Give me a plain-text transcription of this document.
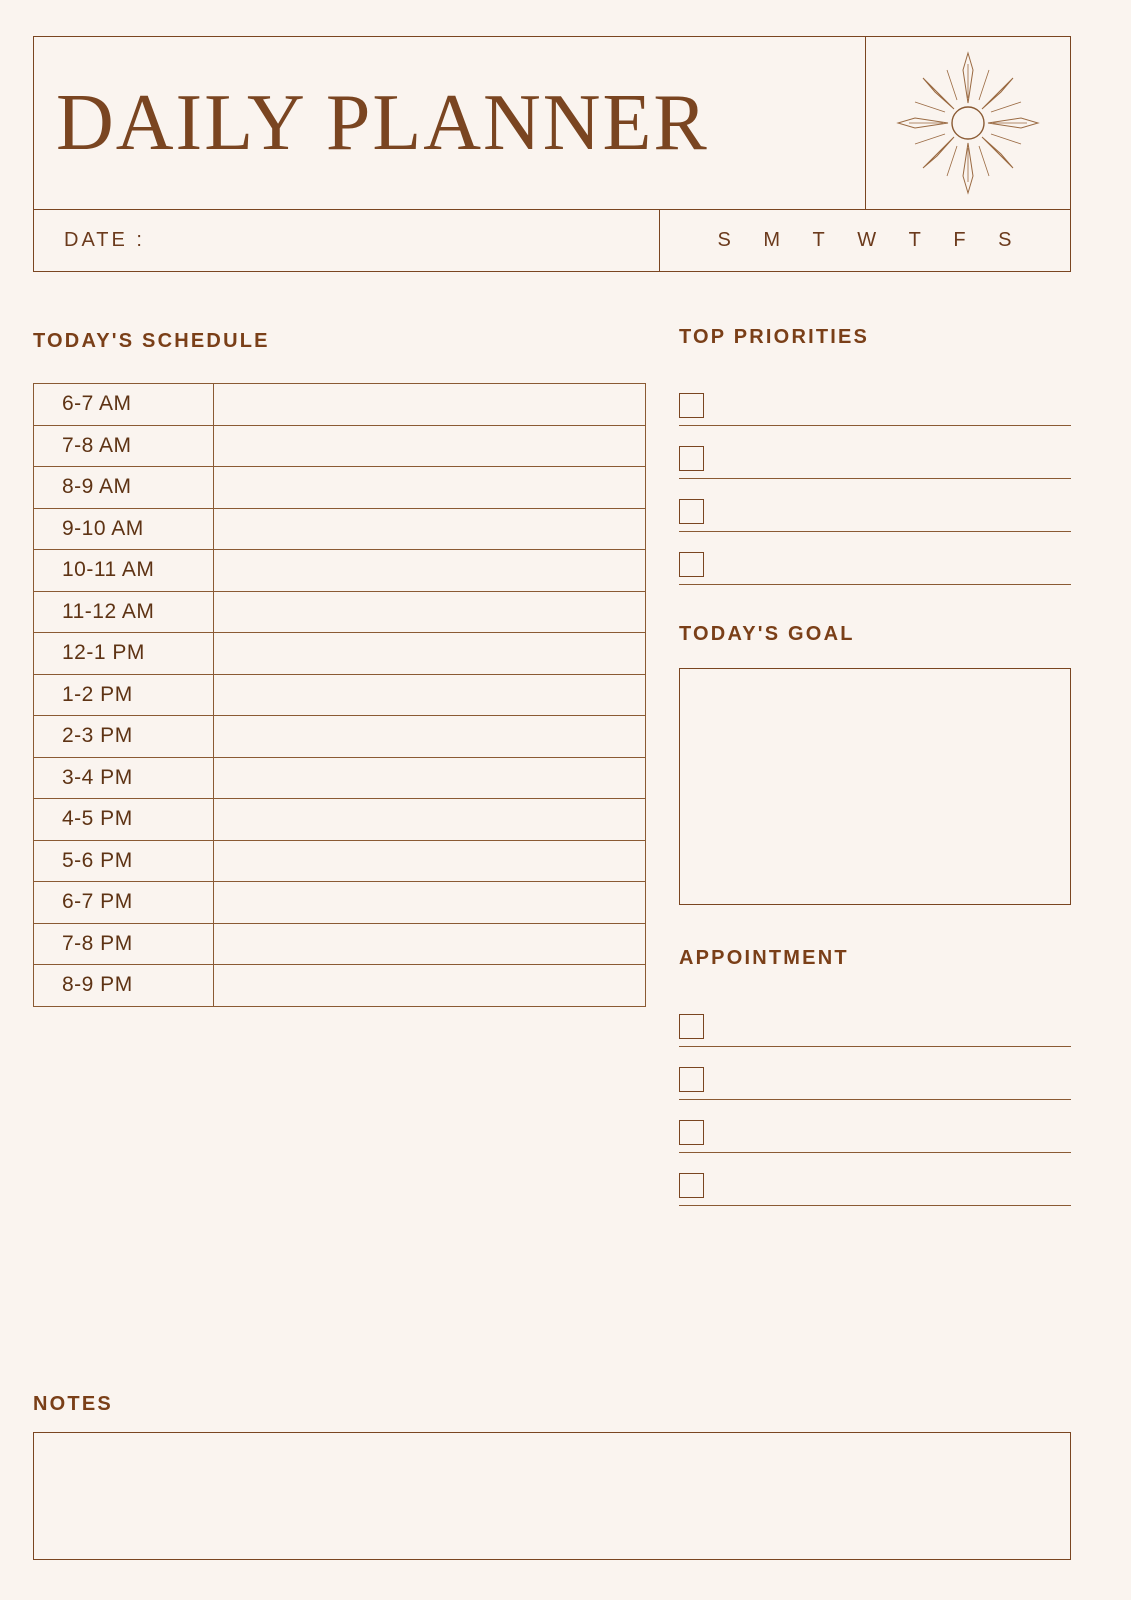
DAILY PLANNER
DATE :	S M T W T F S
TODAY'S SCHEDULE
6-7 AM	
7-8 AM	
8-9 AM	
9-10 AM	
10-11 AM	
11-12 AM	
12-1 PM	
1-2 PM	
2-3 PM	
3-4 PM	
4-5 PM	
5-6 PM	
6-7 PM	
7-8 PM	
8-9 PM	
TOP PRIORITIES
TODAY'S GOAL
APPOINTMENT
NOTES
